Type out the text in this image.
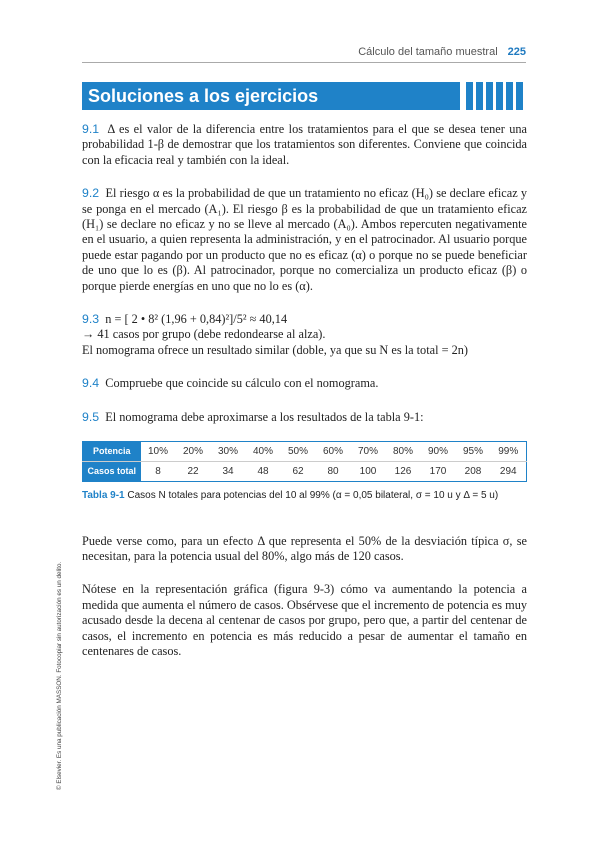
Cálculo del tamaño muestral 225
Soluciones a los ejercicios

9.1 Δ es el valor de la diferencia entre los tratamientos para el que se desea tener una probabilidad 1-β de demostrar que los tratamientos son diferentes. Conviene que coincida con la eficacia real y también con la ideal.

9.2 El riesgo α es la probabilidad de que un tratamiento no eficaz (H₀) se declare eficaz y se ponga en el mercado (A₁). El riesgo β es la probabilidad de que un tratamiento eficaz (H₁) se declare no eficaz y no se lleve al mercado (A₀). Ambos repercuten negativamente en el usuario, a quien representa la administración, y en el patrocinador. Al usuario porque puede estar pagando por un producto que no es eficaz (α) o porque no se puede beneficiar de uno que lo es (β). Al patrocinador, porque no comercializa un producto eficaz (β) o porque pierde energías en uno que no lo es (α).

9.3 n = [ 2 • 8² (1,96 + 0,84)²]/5² ≈ 40,14
→ 41 casos por grupo (debe redondearse al alza).
El nomograma ofrece un resultado similar (doble, ya que su N es la total = 2n)

9.4 Compruebe que coincide su cálculo con el nomograma.

9.5 El nomograma debe aproximarse a los resultados de la tabla 9-1:

Potencia	10%	20%	30%	40%	50%	60%	70%	80%	90%	95%	99%
Casos total	8	22	34	48	62	80	100	126	170	208	294

Tabla 9-1 Casos N totales para potencias del 10 al 99% (α = 0,05 bilateral, σ = 10 u y Δ = 5 u)

Puede verse como, para un efecto Δ que representa el 50% de la desviación típica σ, se necesitan, para la potencia usual del 80%, algo más de 120 casos.

Nótese en la representación gráfica (figura 9-3) cómo va aumentando la potencia a medida que aumenta el número de casos. Obsérvese que el incremento de potencia es muy acusado desde la decena al centenar de casos por grupo, pero que, a partir del centenar de casos, el incremento en potencia es más reducido a pesar de aumentar el tamaño en centenares de casos.

© Elsevier. Es una publicación MASSON. Fotocopiar sin autorización es un delito.
